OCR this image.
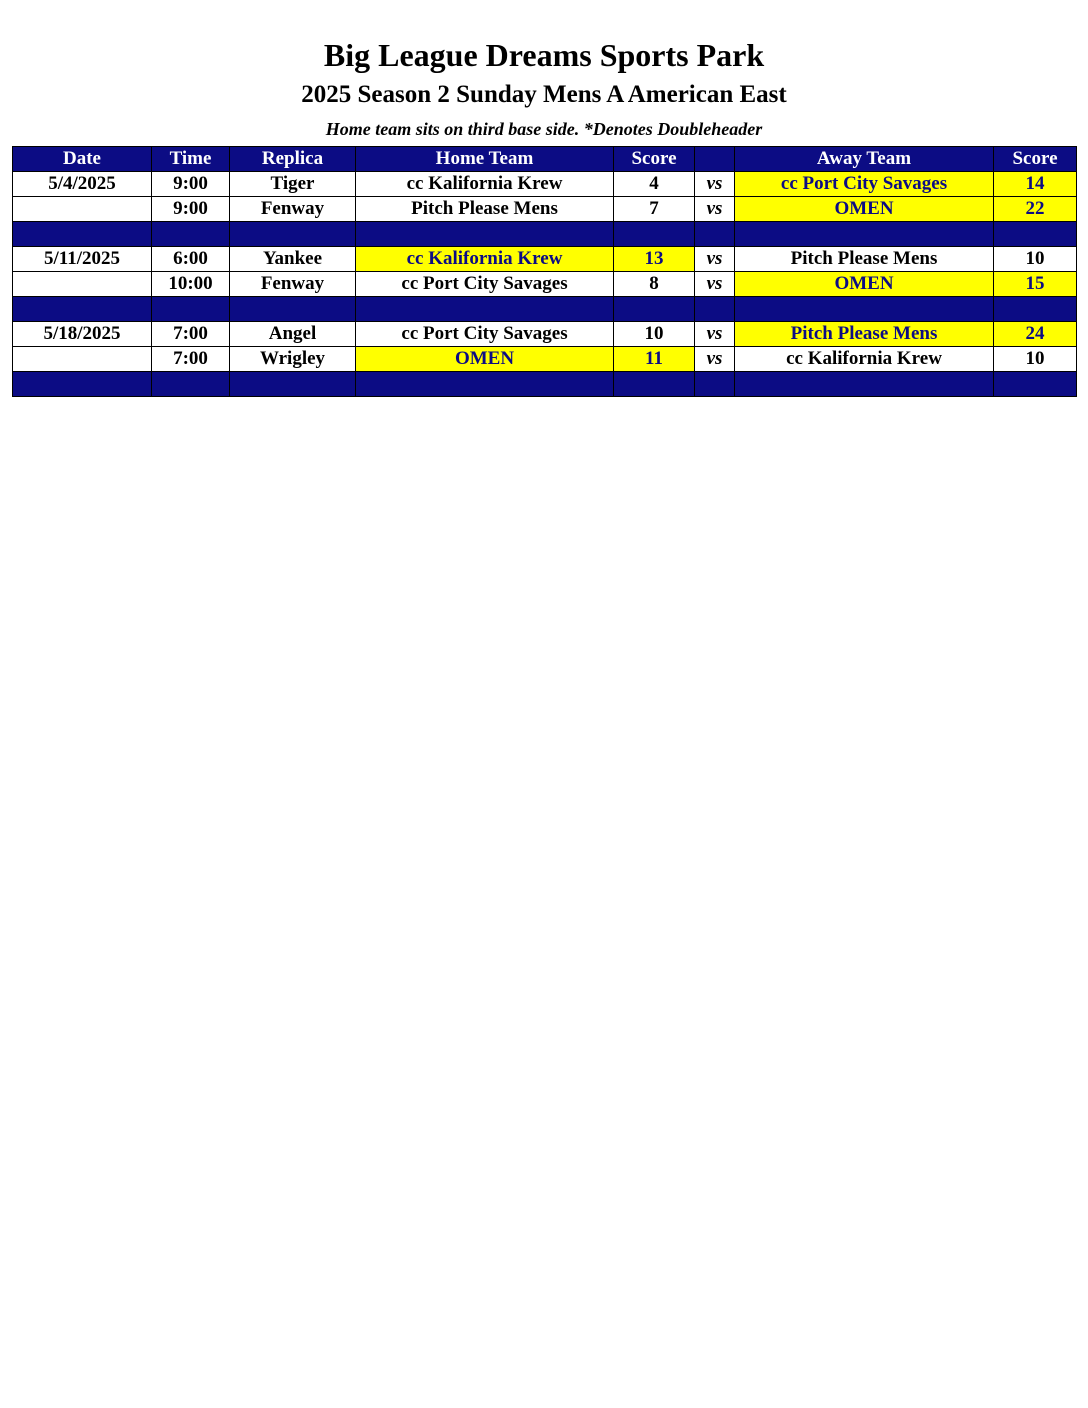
Big League Dreams Sports Park
2025 Season 2 Sunday Mens A American East
Home team sits on third base side. *Denotes Doubleheader
Date	Time	Replica	Home Team	Score		Away Team	Score
5/4/2025	9:00	Tiger	cc Kalifornia Krew	4	vs	cc Port City Savages	14
	9:00	Fenway	Pitch Please Mens	7	vs	OMEN	22

5/11/2025	6:00	Yankee	cc Kalifornia Krew	13	vs	Pitch Please Mens	10
	10:00	Fenway	cc Port City Savages	8	vs	OMEN	15

5/18/2025	7:00	Angel	cc Port City Savages	10	vs	Pitch Please Mens	24
	7:00	Wrigley	OMEN	11	vs	cc Kalifornia Krew	10
